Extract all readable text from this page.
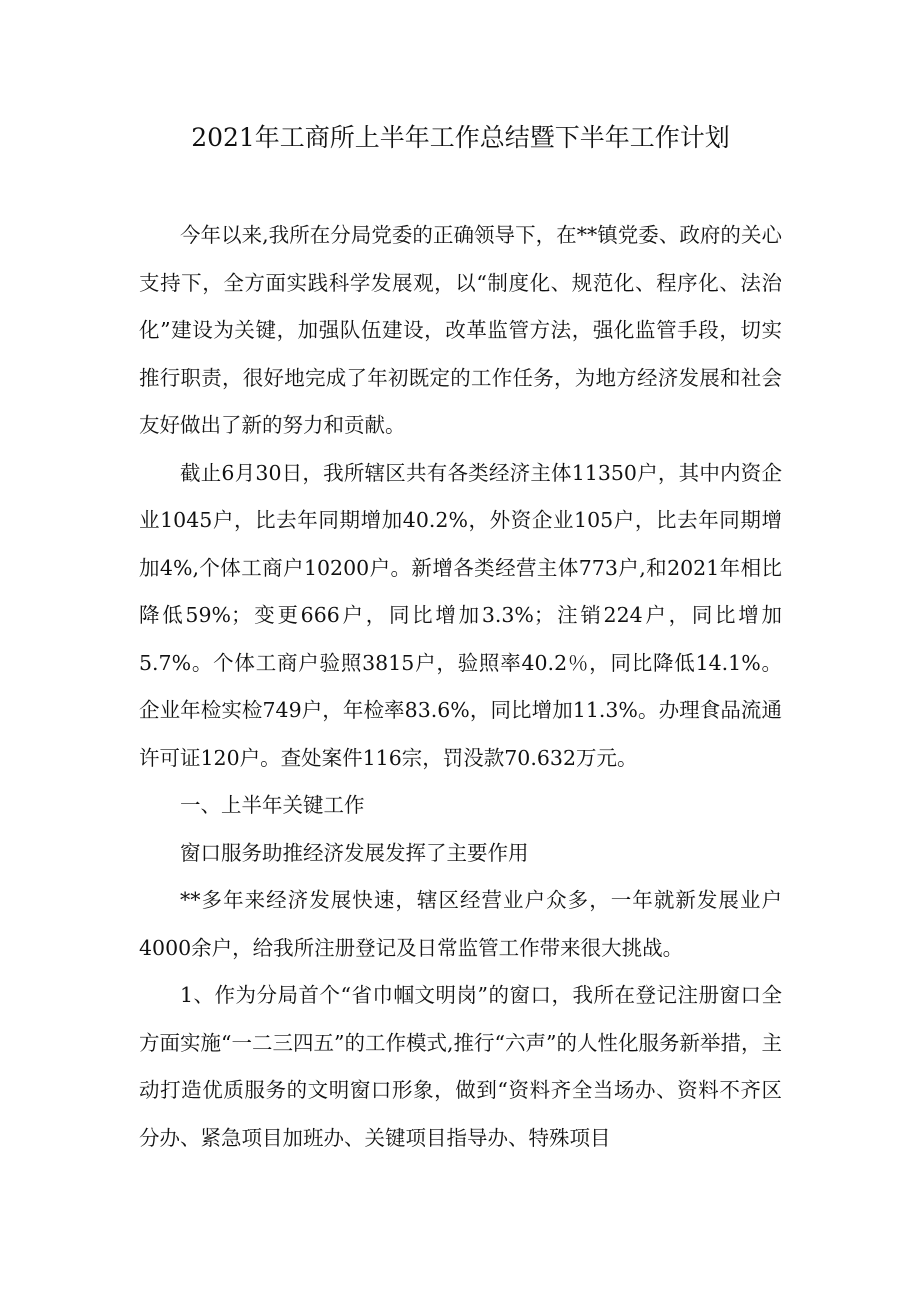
2021年工商所上半年工作总结暨下半年工作计划

今年以来,我所在分局党委的正确领导下，在**镇党委、政府的关心支持下，全方面实践科学发展观，以“制度化、规范化、程序化、法治化”建设为关键，加强队伍建设，改革监管方法，强化监管手段，切实推行职责，很好地完成了年初既定的工作任务，为地方经济发展和社会友好做出了新的努力和贡献。

截止6月30日，我所辖区共有各类经济主体11350户，其中内资企业1045户，比去年同期增加40.2%，外资企业105户，比去年同期增加4%,个体工商户10200户。新增各类经营主体773户,和2021年相比降低59%；变更666户，同比增加3.3%；注销224户，同比增加5.7%。个体工商户验照3815户，验照率40.2％，同比降低14.1%。企业年检实检749户，年检率83.6%，同比增加11.3%。办理食品流通许可证120户。查处案件116宗，罚没款70.632万元。

一、上半年关键工作

窗口服务助推经济发展发挥了主要作用

**多年来经济发展快速，辖区经营业户众多，一年就新发展业户4000余户，给我所注册登记及日常监管工作带来很大挑战。

1、作为分局首个“省巾帼文明岗”的窗口，我所在登记注册窗口全方面实施“一二三四五”的工作模式,推行“六声”的人性化服务新举措，主动打造优质服务的文明窗口形象，做到“资料齐全当场办、资料不齐区分办、紧急项目加班办、关键项目指导办、特殊项目
